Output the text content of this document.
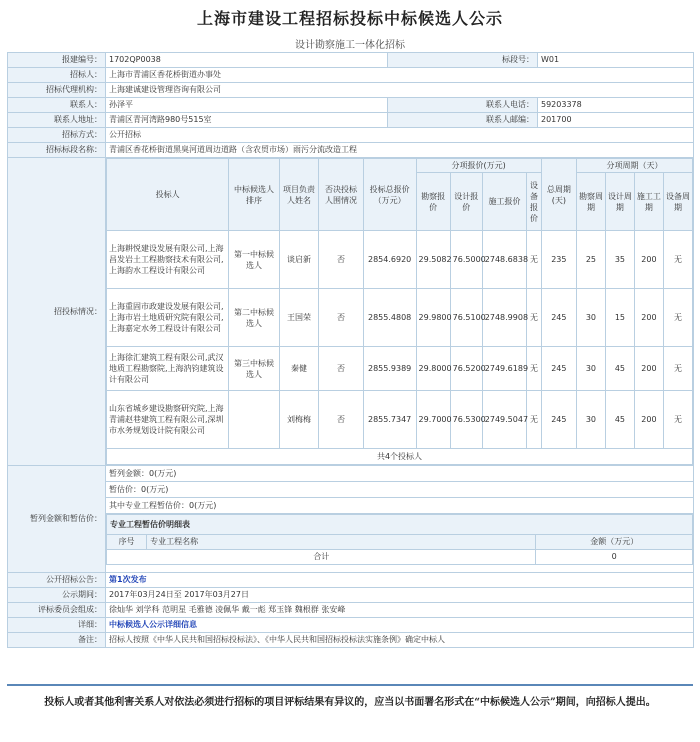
上海市建设工程招标投标中标候选人公示
设计勘察施工一体化招标
报建编号：	1702QP0038	标段号：	W01
招标人：	上海市青浦区香花桥街道办事处
招标代理机构：	上海建诚建设管理咨询有限公司
联系人：	孙泽平	联系人电话：	59203378
联系人地址：	青浦区青河湾路980号515室	联系人邮编：	201700
招标方式：	公开招标
招标标段名称：	青浦区香花桥街道黑臭河道周边道路（含农贸市场）雨污分流改造工程
招投标情况：	
投标人	中标候选人排序	项目负责人姓名	否决投标人围情况	投标总报价（万元）	分项报价(万元)	总周期(天)	分项周期（天）
勘察报价	设计报价	施工报价	设备报价	勘察周期	设计周期	施工工期	设备周期
上海耕悦建设发展有限公司,上海昌发岩土工程勘察技术有限公司,上海韵水工程设计有限公司	第一中标候选人	谈启新	否	2854.6920	29.5082	76.5000	2748.6838	无	235	25	35	200	无
上海重固市政建设发展有限公司,上海市岩土地质研究院有限公司,上海嘉定水务工程设计有限公司	第二中标候选人	王国荣	否	2855.4808	29.9800	76.5100	2748.9908	无	245	30	15	200	无
上海徐汇建筑工程有限公司,武汉地质工程勘察院,上海汭钧建筑设计有限公司	第三中标候选人	秦健	否	2855.9389	29.8000	76.5200	2749.6189	无	245	30	45	200	无
山东省城乡建设勘察研究院,上海青浦赵巷建筑工程有限公司,深圳市水务规划设计院有限公司		刘梅梅	否	2855.7347	29.7000	76.5300	2749.5047	无	245	30	45	200	无
共4个投标人

暂列金额和暂估价：	
暂列金额：0(万元)
暂估价：0(万元)
其中专业工程暂估价：0(万元)
专业工程暂估价明细表
序号	专业工程名称	金额（万元）
合计	0

公开招标公告：	第1次发布
公示期间：	2017年03月24日至 2017年03月27日
评标委员会组成：	徐灿华 刘学科 范明星 毛雅德 凌佩华 戴一彪 郑玉锋 魏根群 张安峰
详细：	中标候选人公示详细信息
备注：	招标人按照《中华人民共和国招标投标法》、《中华人民共和国招标投标法实施条例》确定中标人
投标人或者其他利害关系人对依法必须进行招标的项目评标结果有异议的，应当以书面署名形式在“中标候选人公示”期间，向招标人提出。
